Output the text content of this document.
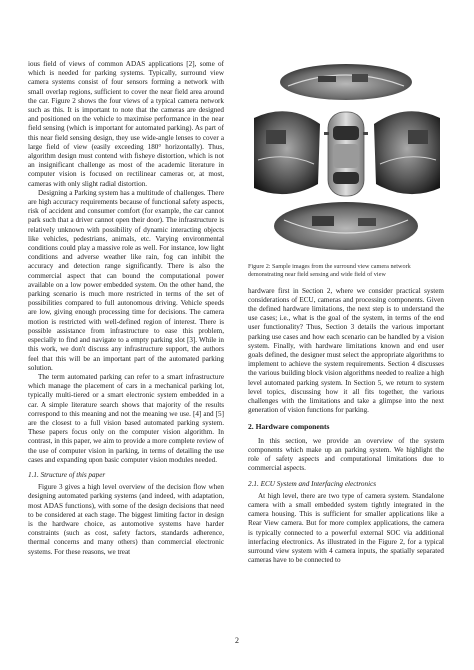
ious field of views of common ADAS applications [2], some of which is needed for parking systems. Typically, surround view camera systems consist of four sensors forming a network with small overlap regions, sufficient to cover the near field area around the car. Figure 2 shows the four views of a typical camera network such as this. It is important to note that the cameras are designed and positioned on the vehicle to maximise performance in the near field sensing (which is important for automated parking). As part of this near field sensing design, they use wide-angle lenses to cover a large field of view (easily exceeding 180° horizontally). Thus, algorithm design must contend with fisheye distortion, which is not an insignificant challenge as most of the academic literature in computer vision is focused on rectilinear cameras or, at most, cameras with only slight radial distortion.

Designing a Parking system has a multitude of challenges. There are high accuracy requirements because of functional safety aspects, risk of accident and consumer comfort (for example, the car cannot park such that a driver cannot open their door). The infrastructure is relatively unknown with possibility of dynamic interacting objects like vehicles, pedestrians, animals, etc. Varying environmental conditions could play a massive role as well. For instance, low light conditions and adverse weather like rain, fog can inhibit the accuracy and detection range significantly. There is also the commercial aspect that can bound the computational power available on a low power embedded system. On the other hand, the parking scenario is much more restricted in terms of the set of possibilities compared to full autonomous driving. Vehicle speeds are low, giving enough processing time for decisions. The camera motion is restricted with well-defined region of interest. There is possible assistance from infrastructure to ease this problem, especially to find and navigate to a empty parking slot [3]. While in this work, we don't discuss any infrastructure support, the authors feel that this will be an important part of the automated parking solution.

The term automated parking can refer to a smart infrastructure which manage the placement of cars in a mechanical parking lot, typically multi-tiered or a smart electronic system embedded in a car. A simple literature search shows that majority of the results correspond to this meaning and not the meaning we use. [4] and [5] are the closest to a full vision based automated parking system. These papers focus only on the computer vision algorithm. In contrast, in this paper, we aim to provide a more complete review of the use of computer vision in parking, in terms of detailing the use cases and expanding upon basic computer vision modules needed.

1.1. Structure of this paper

Figure 3 gives a high level overview of the decision flow when designing automated parking systems (and indeed, with adaptation, most ADAS functions), with some of the design decisions that need to be considered at each stage. The biggest limiting factor in design is the hardware choice, as automotive systems have harder constraints (such as cost, safety factors, standards adherence, thermal concerns and many others) than commercial electronic systems. For these reasons, we treat

Figure 2: Sample images from the surround view camera network demonstrating near field sensing and wide field of view

hardware first in Section 2, where we consider practical system considerations of ECU, cameras and processing components. Given the defined hardware limitations, the next step is to understand the use cases; i.e., what is the goal of the system, in terms of the end user functionality? Thus, Section 3 details the various important parking use cases and how each scenario can be handled by a vision system. Finally, with hardware limitations known and end user goals defined, the designer must select the appropriate algorithms to implement to achieve the system requirements. Section 4 discusses the various building block vision algorithms needed to realize a high level automated parking system. In Section 5, we return to system level topics, discussing how it all fits together, the various challenges with the limitations and take a glimpse into the next generation of vision functions for parking.

2. Hardware components

In this section, we provide an overview of the system components which make up an parking system. We highlight the role of safety aspects and computational limitations due to commercial aspects.

2.1. ECU System and Interfacing electronics

At high level, there are two type of camera system. Standalone camera with a small embedded system tightly integrated in the camera housing. This is sufficient for smaller applications like a Rear View camera. But for more complex applications, the camera is typically connected to a powerful external SOC via additional interfacing electronics. As illustrated in the Figure 2, for a typical surround view system with 4 camera inputs, the spatially separated cameras have to be connected to

2
